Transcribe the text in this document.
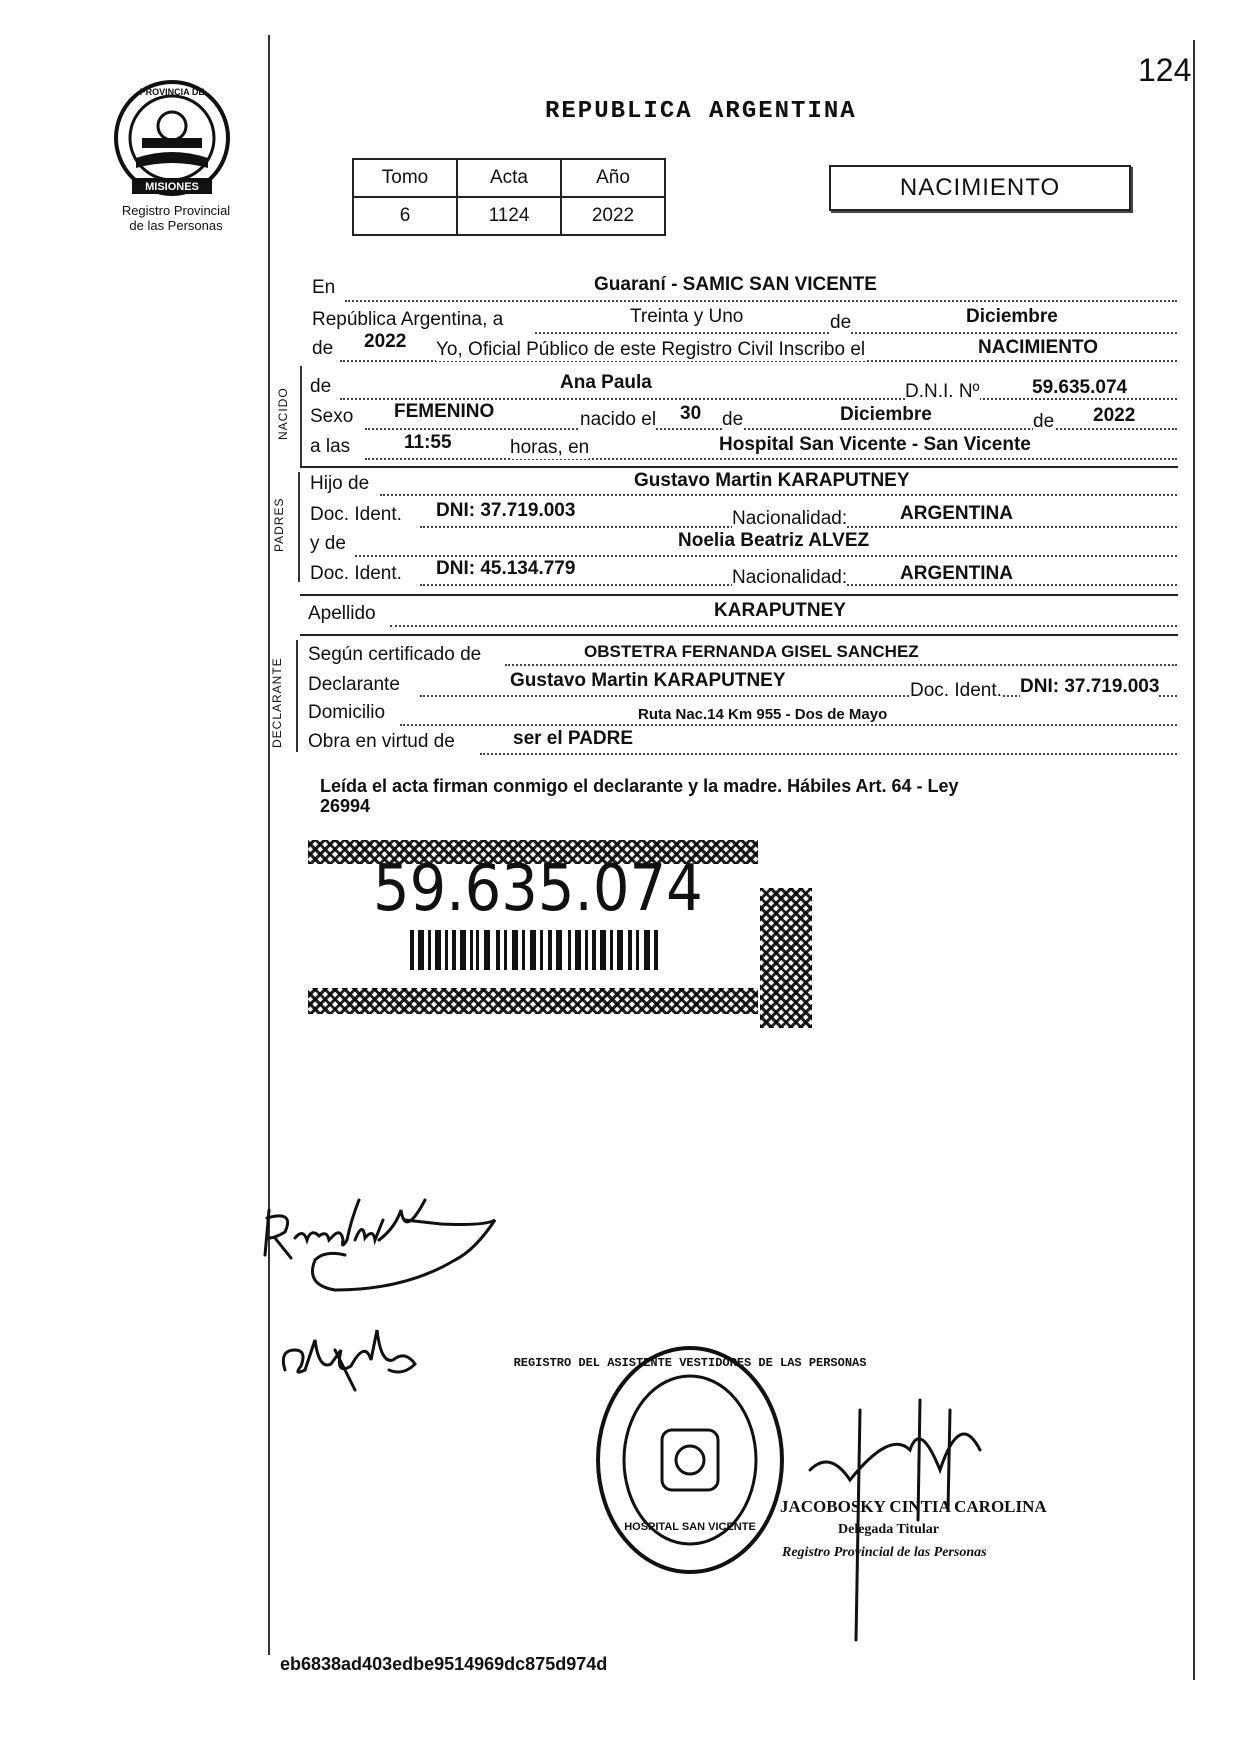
124
MISIONES
PROVINCIA DE
Registro Provincial
de las Personas
REPUBLICA ARGENTINA
Tomo	Acta	Año
6	1124	2022
NACIMIENTO
En	Guaraní - SAMIC SAN VICENTE
República Argentina, a	Treinta y Uno	de	Diciembre
de 2022 Yo, Oficial Público de este Registro Civil Inscribo el	NACIMIENTO
NACIDO
de	Ana Paula	D.N.I. Nº	59.635.074
Sexo FEMENINO	nacido el 30 de	Diciembre	de 2022
a las	11:55	horas, en	Hospital San Vicente - San Vicente
PADRES
Hijo de	Gustavo Martin KARAPUTNEY
Doc. Ident. DNI: 37.719.003	Nacionalidad:	ARGENTINA
y de	Noelia Beatriz ALVEZ
Doc. Ident. DNI: 45.134.779	Nacionalidad:	ARGENTINA
Apellido	KARAPUTNEY
DECLARANTE
Según certificado de	OBSTETRA FERNANDA GISEL SANCHEZ
Declarante	Gustavo Martin KARAPUTNEY	Doc. Ident. DNI: 37.719.003
Domicilio	Ruta Nac.14 Km 955 - Dos de Mayo
Obra en virtud de	ser el PADRE
Leída el acta firman conmigo el declarante y la madre. Hábiles Art. 64 - Ley
26994
59.635.074
REGISTRO DEL ASISTENTE VESTIDORES DE LAS PERSONAS
HOSPITAL SAN VICENTE
JACOBOSKY CINTIA CAROLINA
Delegada Titular
Registro Provincial de las Personas
eb6838ad403edbe9514969dc875d974d
